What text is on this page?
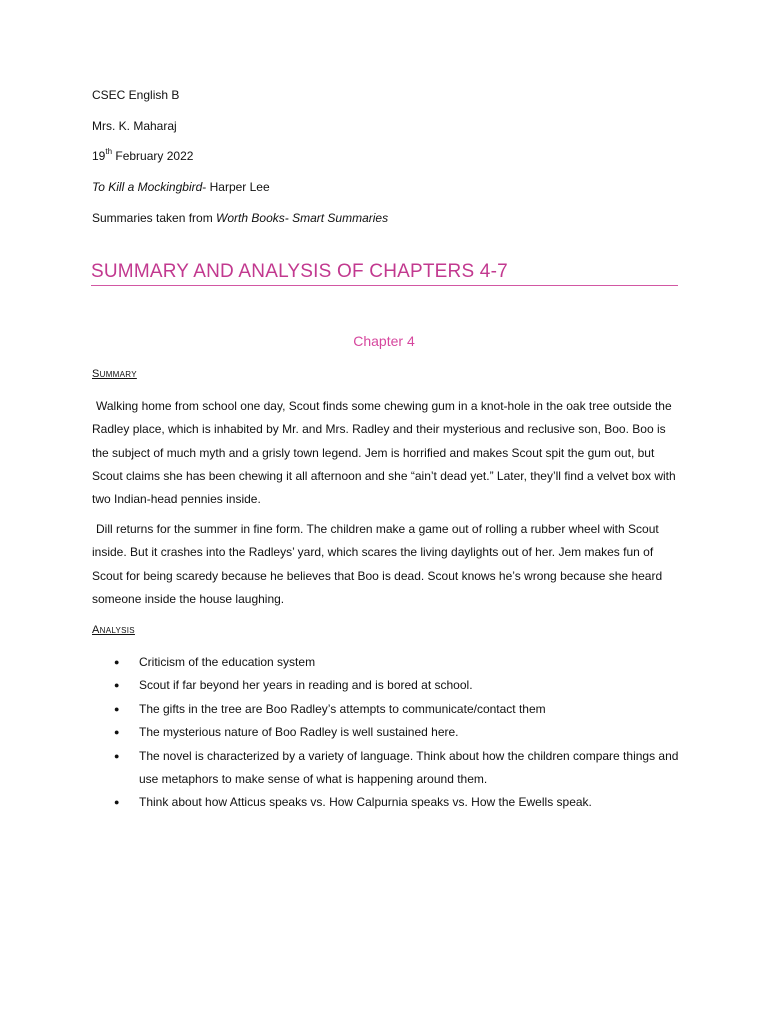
CSEC English B
Mrs. K. Maharaj
19th February 2022
To Kill a Mockingbird- Harper Lee
Summaries taken from Worth Books- Smart Summaries
SUMMARY AND ANALYSIS OF CHAPTERS 4-7
Chapter 4
Summary

Walking home from school one day, Scout finds some chewing gum in a knot-hole in the oak tree outside the Radley place, which is inhabited by Mr. and Mrs. Radley and their mysterious and reclusive son, Boo. Boo is the subject of much myth and a grisly town legend. Jem is horrified and makes Scout spit the gum out, but Scout claims she has been chewing it all afternoon and she “ain’t dead yet.” Later, they’ll find a velvet box with two Indian-head pennies inside.

Dill returns for the summer in fine form. The children make a game out of rolling a rubber wheel with Scout inside. But it crashes into the Radleys’ yard, which scares the living daylights out of her. Jem makes fun of Scout for being scaredy because he believes that Boo is dead. Scout knows he’s wrong because she heard someone inside the house laughing.

Analysis
● Criticism of the education system
● Scout if far beyond her years in reading and is bored at school.
● The gifts in the tree are Boo Radley’s attempts to communicate/contact them
● The mysterious nature of Boo Radley is well sustained here.
● The novel is characterized by a variety of language. Think about how the children compare things and use metaphors to make sense of what is happening around them.
● Think about how Atticus speaks vs. How Calpurnia speaks vs. How the Ewells speak.
